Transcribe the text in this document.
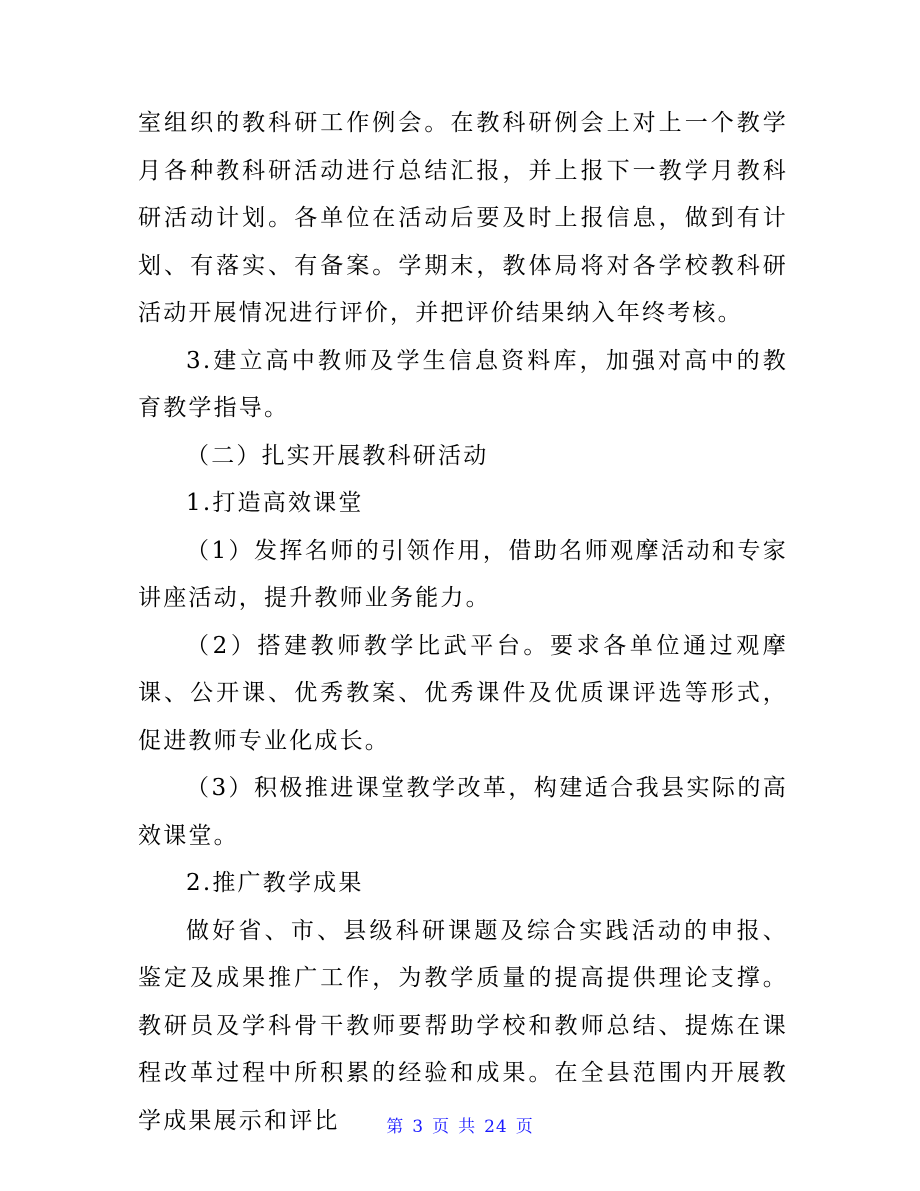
室组织的教科研工作例会。在教科研例会上对上一个教学月各种教科研活动进行总结汇报，并上报下一教学月教科研活动计划。各单位在活动后要及时上报信息，做到有计划、有落实、有备案。学期末，教体局将对各学校教科研活动开展情况进行评价，并把评价结果纳入年终考核。

3.建立高中教师及学生信息资料库，加强对高中的教育教学指导。

（二）扎实开展教科研活动

1.打造高效课堂

（1）发挥名师的引领作用，借助名师观摩活动和专家讲座活动，提升教师业务能力。

（2）搭建教师教学比武平台。要求各单位通过观摩课、公开课、优秀教案、优秀课件及优质课评选等形式，促进教师专业化成长。

（3）积极推进课堂教学改革，构建适合我县实际的高效课堂。

2.推广教学成果

做好省、市、县级科研课题及综合实践活动的申报、鉴定及成果推广工作，为教学质量的提高提供理论支撑。教研员及学科骨干教师要帮助学校和教师总结、提炼在课程改革过程中所积累的经验和成果。在全县范围内开展教学成果展示和评比	第 3 页 共 24 页
